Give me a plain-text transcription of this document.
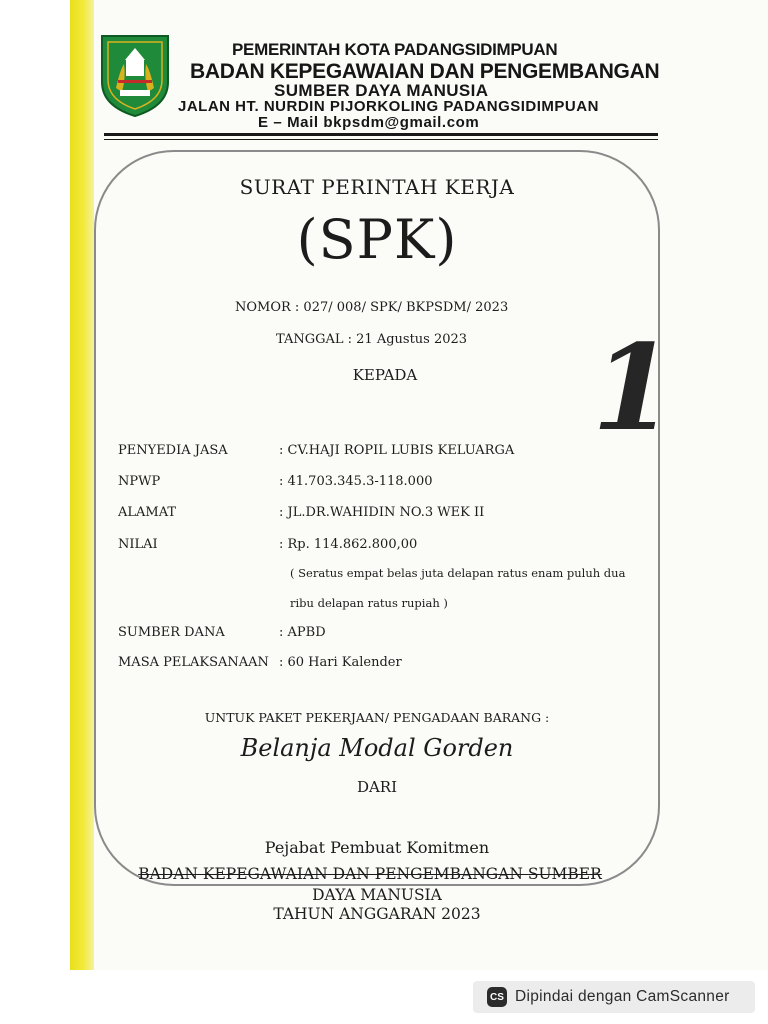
PEMERINTAH KOTA PADANGSIDIMPUAN
BADAN KEPEGAWAIAN DAN PENGEMBANGAN
SUMBER DAYA MANUSIA
JALAN HT. NURDIN PIJORKOLING PADANGSIDIMPUAN
E – Mail bkpsdm@gmail.com
SURAT PERINTAH KERJA
(SPK)
NOMOR : 027/ 008/ SPK/ BKPSDM/ 2023
TANGGAL : 21 Agustus 2023
KEPADA	1
PENYEDIA JASA	: CV.HAJI ROPIL LUBIS KELUARGA
NPWP	: 41.703.345.3-118.000
ALAMAT	: JL.DR.WAHIDIN NO.3 WEK II
NILAI	: Rp. 114.862.800,00
( Seratus empat belas juta delapan ratus enam puluh dua
ribu delapan ratus rupiah )
SUMBER DANA	: APBD
MASA PELAKSANAAN : 60 Hari Kalender
UNTUK PAKET PEKERJAAN/ PENGADAAN BARANG :
Belanja Modal Gorden
DARI
Pejabat Pembuat Komitmen
BADAN KEPEGAWAIAN DAN PENGEMBANGAN SUMBER
DAYA MANUSIA
TAHUN ANGGARAN 2023
CS Dipindai dengan CamScanner
